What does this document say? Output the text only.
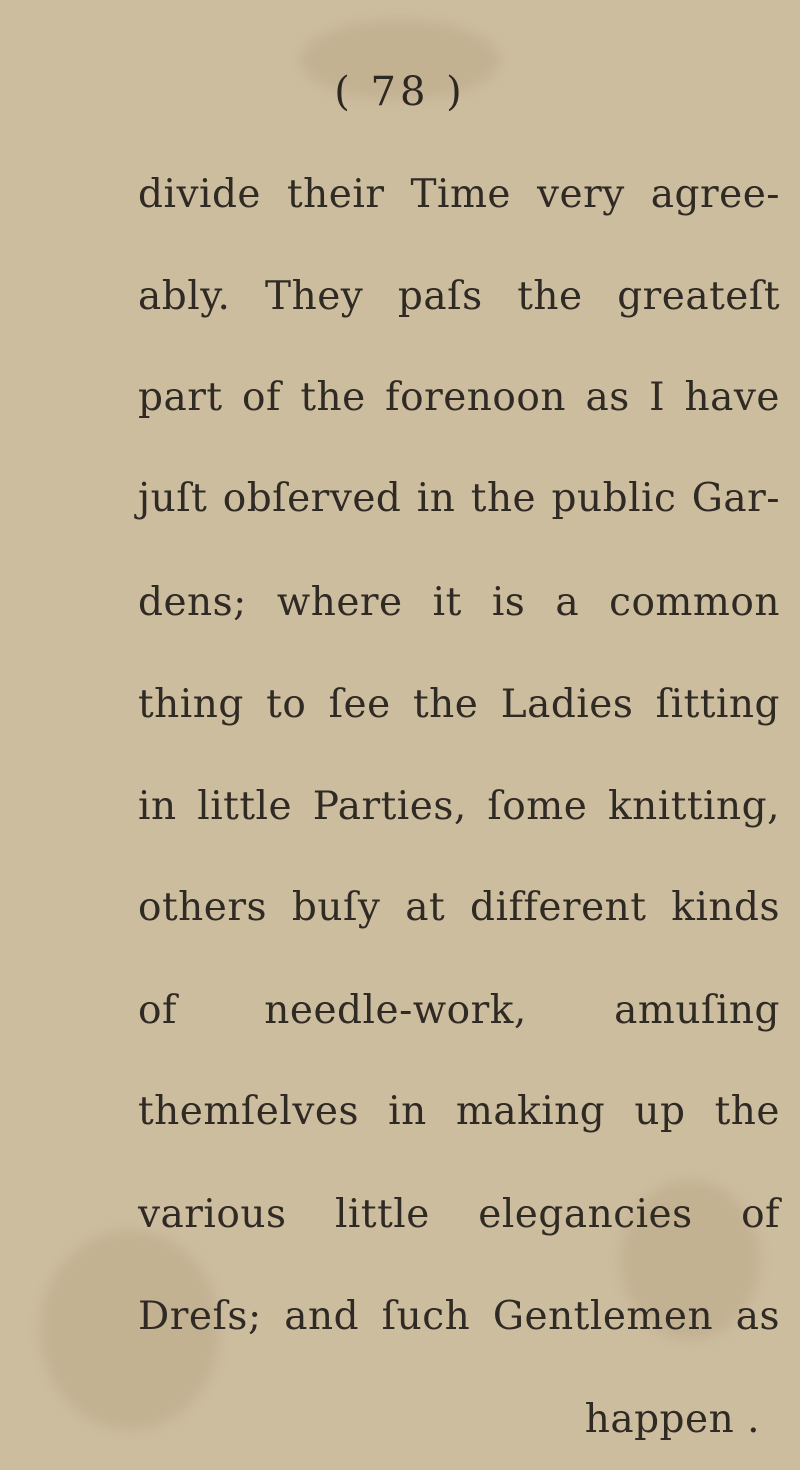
( 78 )
divide their Time very agree-
ably. They paſs the greateſt
part of the forenoon as I have
juſt obſerved in the public Gar-
dens; where it is a common
thing to ſee the Ladies ſitting
in little Parties, ſome knitting,
others buſy at different kinds
of needle-work, amuſing
themſelves in making up the
various little elegancies of
Dreſs; and ſuch Gentlemen as
happen .
